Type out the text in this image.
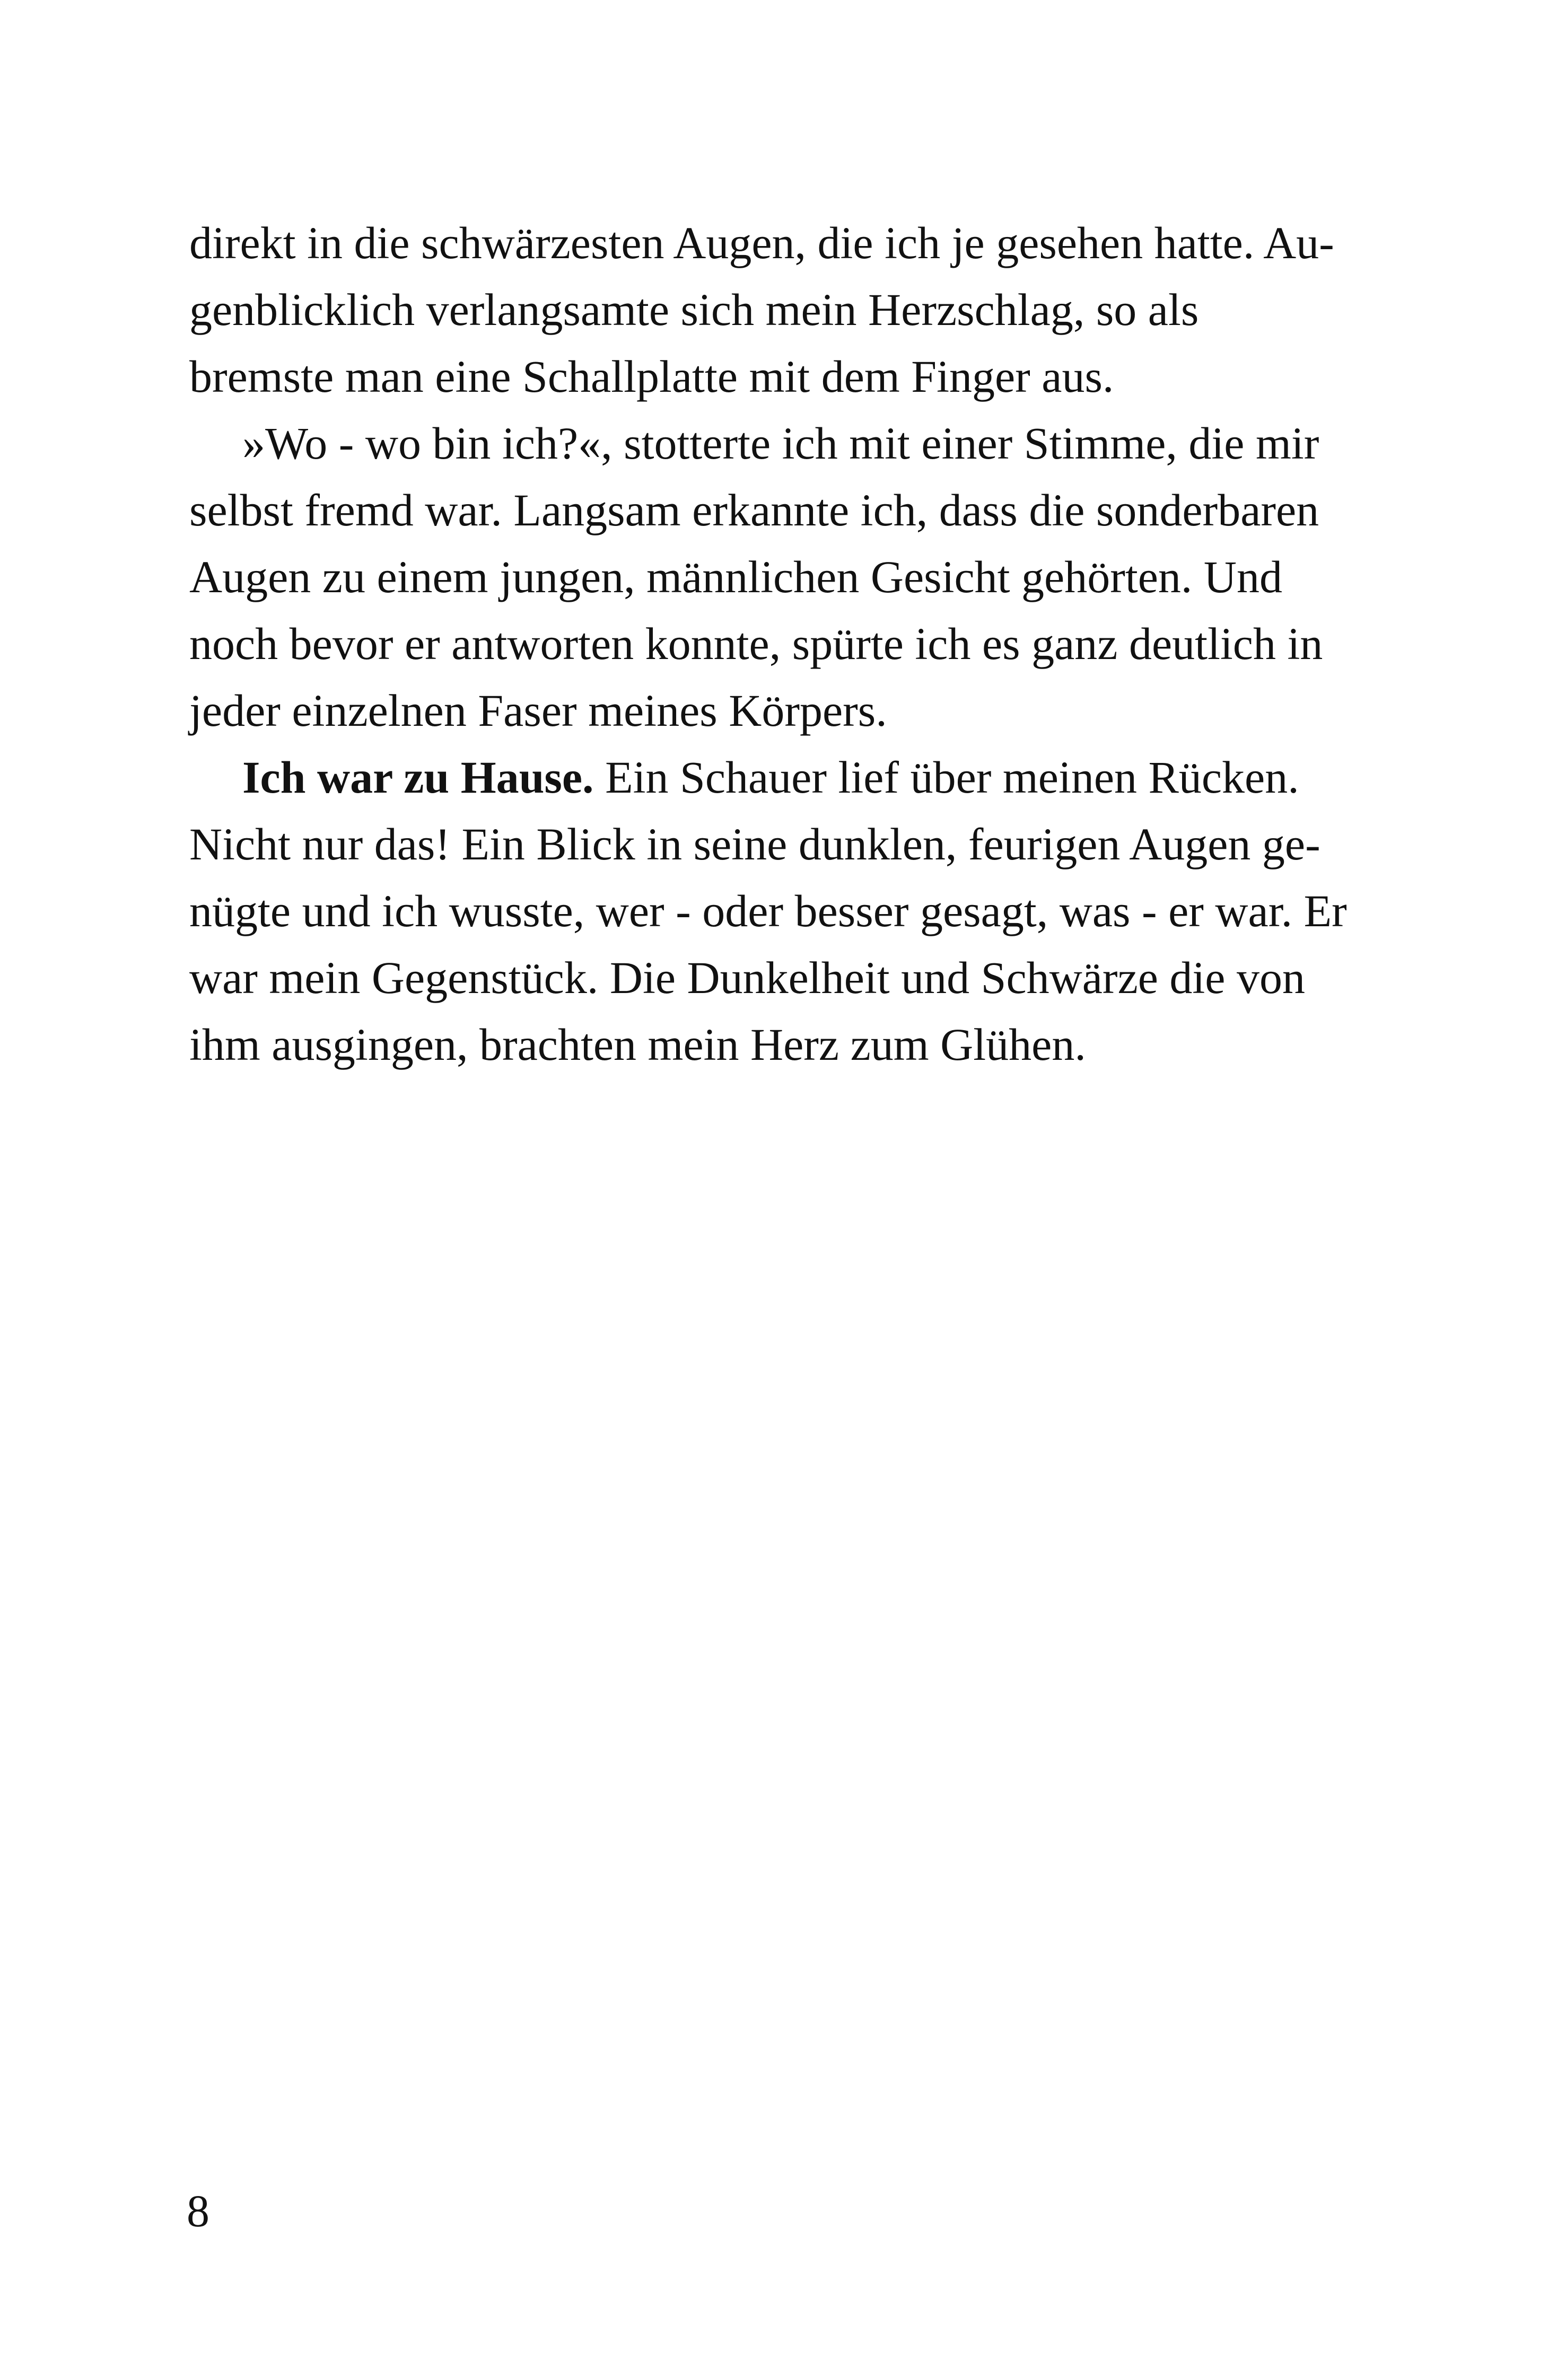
direkt in die schwärzesten Augen, die ich je gesehen hatte. Au-
genblicklich verlangsamte sich mein Herzschlag, so als
bremste man eine Schallplatte mit dem Finger aus.
»Wo - wo bin ich?«, stotterte ich mit einer Stimme, die mir
selbst fremd war. Langsam erkannte ich, dass die sonderbaren
Augen zu einem jungen, männlichen Gesicht gehörten. Und
noch bevor er antworten konnte, spürte ich es ganz deutlich in
jeder einzelnen Faser meines Körpers.
Ich war zu Hause. Ein Schauer lief über meinen Rücken.
Nicht nur das! Ein Blick in seine dunklen, feurigen Augen ge-
nügte und ich wusste, wer - oder besser gesagt, was - er war. Er
war mein Gegenstück. Die Dunkelheit und Schwärze die von
ihm ausgingen, brachten mein Herz zum Glühen.
8
